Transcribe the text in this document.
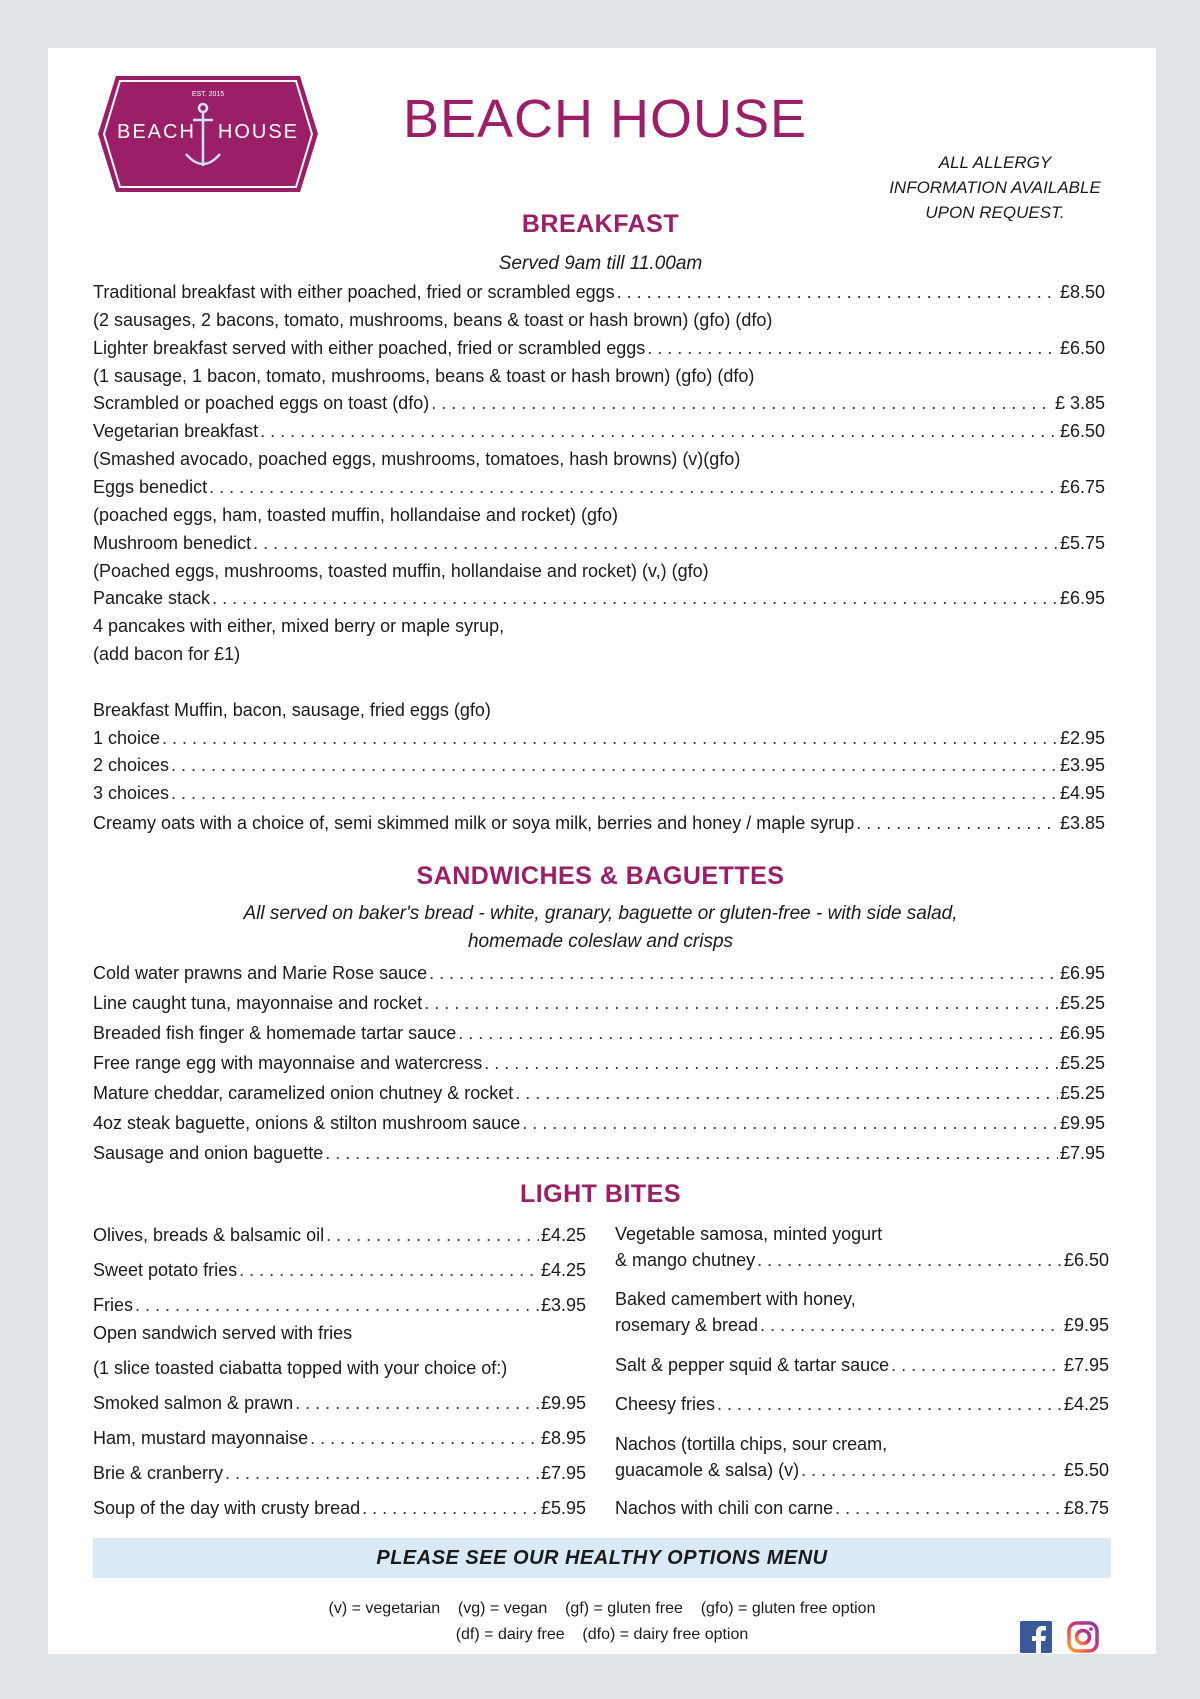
EST. 2015
BEACH HOUSE	BEACH HOUSE
ALL ALLERGY
INFORMATION AVAILABLE
UPON REQUEST.
BREAKFAST
Served 9am till 11.00am
Traditional breakfast with either poached, fried or scrambled eggs . . .	£8.50
(2 sausages, 2 bacons, tomato, mushrooms, beans & toast or hash brown) (gfo) (dfo)
Lighter breakfast served with either poached, fried or scrambled eggs . . .	£6.50
(1 sausage, 1 bacon, tomato, mushrooms, beans & toast or hash brown) (gfo) (dfo)
Scrambled or poached eggs on toast (dfo) . . .	£ 3.85
Vegetarian breakfast . . .	£6.50
(Smashed avocado, poached eggs, mushrooms, tomatoes, hash browns) (v)(gfo)
Eggs benedict . . .	£6.75
(poached eggs, ham, toasted muffin, hollandaise and rocket) (gfo)
Mushroom benedict . . .	£5.75
(Poached eggs, mushrooms, toasted muffin, hollandaise and rocket) (v,) (gfo)
Pancake stack . . .	£6.95
4 pancakes with either, mixed berry or maple syrup,
(add bacon for £1)
Breakfast Muffin, bacon, sausage, fried eggs (gfo)
1 choice . . .	£2.95
2 choices . . .	£3.95
3 choices . . .	£4.95
Creamy oats with a choice of, semi skimmed milk or soya milk, berries and honey / maple syrup . . .	£3.85
SANDWICHES & BAGUETTES
All served on baker's bread - white, granary, baguette or gluten-free - with side salad,
homemade coleslaw and crisps
Cold water prawns and Marie Rose sauce . . .	£6.95
Line caught tuna, mayonnaise and rocket . . .	£5.25
Breaded fish finger & homemade tartar sauce . . .	£6.95
Free range egg with mayonnaise and watercress . . .	£5.25
Mature cheddar, caramelized onion chutney & rocket . . .	£5.25
4oz steak baguette, onions & stilton mushroom sauce . . .	£9.95
Sausage and onion baguette . . .	£7.95
LIGHT BITES
Olives, breads & balsamic oil . . .	£4.25
Sweet potato fries . . .	£4.25
Fries . . .	£3.95
Open sandwich served with fries
(1 slice toasted ciabatta topped with your choice of:)
Smoked salmon & prawn . . .	£9.95
Ham, mustard mayonnaise . . .	£8.95
Brie & cranberry . . .	£7.95
Soup of the day with crusty bread . . .	£5.95
Vegetable samosa, minted yogurt
& mango chutney . . .	£6.50
Baked camembert with honey,
rosemary & bread . . .	£9.95
Salt & pepper squid & tartar sauce . . .	£7.95
Cheesy fries . . .	£4.25
Nachos (tortilla chips, sour cream,
guacamole & salsa) (v) . . .	£5.50
Nachos with chili con carne . . .	£8.75
PLEASE SEE OUR HEALTHY OPTIONS MENU
(v) = vegetarian    (vg) = vegan    (gf) = gluten free    (gfo) = gluten free option
(df) = dairy free    (dfo) = dairy free option
